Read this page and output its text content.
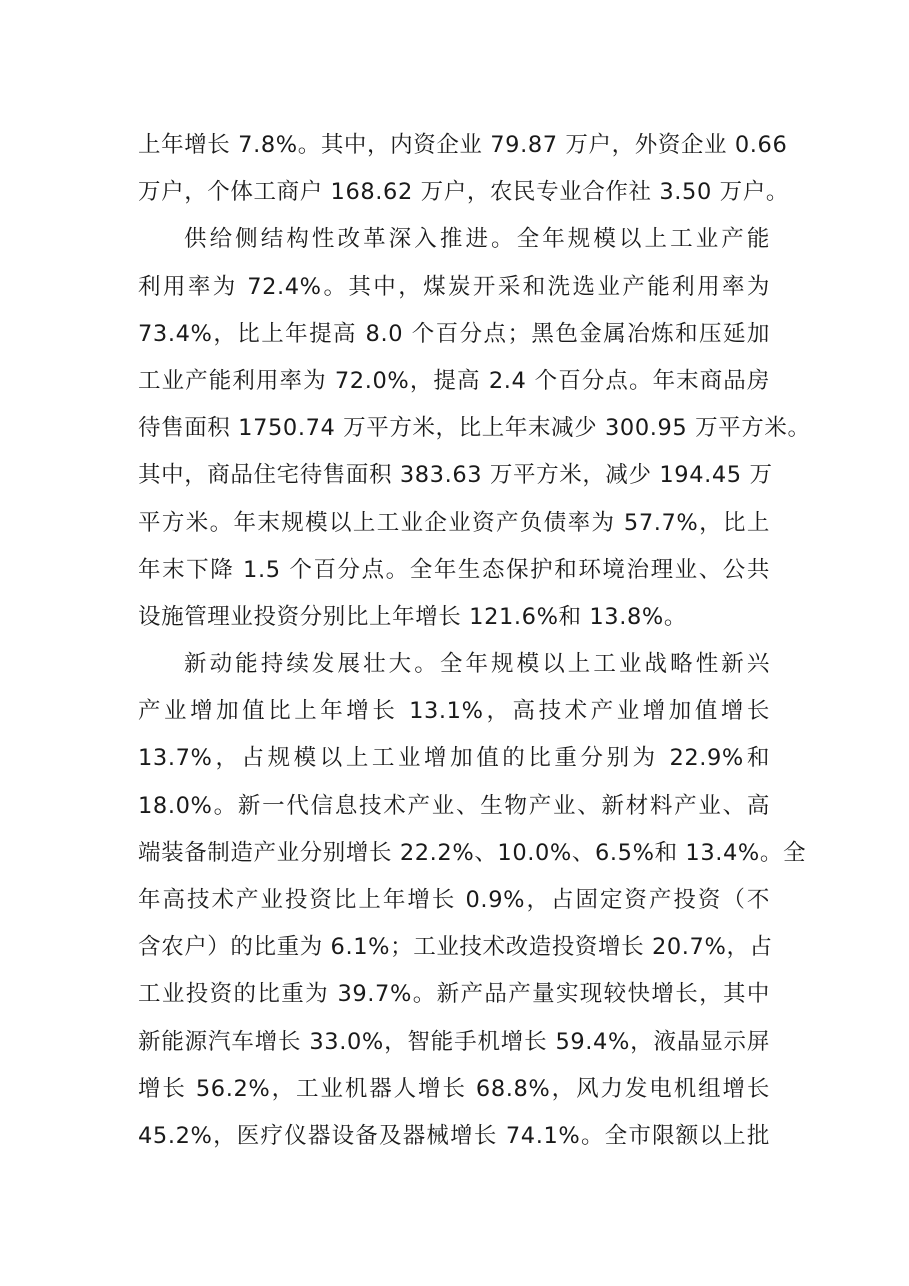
上年增长 7.8%。其中，内资企业 79.87 万户，外资企业 0.66
万户，个体工商户 168.62 万户，农民专业合作社 3.50 万户。
供给侧结构性改革深入推进。全年规模以上工业产能
利用率为 72.4%。其中，煤炭开采和洗选业产能利用率为
73.4%，比上年提高 8.0 个百分点；黑色金属冶炼和压延加
工业产能利用率为 72.0%，提高 2.4 个百分点。年末商品房
待售面积 1750.74 万平方米，比上年末减少 300.95 万平方米。
其中，商品住宅待售面积 383.63 万平方米，减少 194.45 万
平方米。年末规模以上工业企业资产负债率为 57.7%，比上
年末下降 1.5 个百分点。全年生态保护和环境治理业、公共
设施管理业投资分别比上年增长 121.6%和 13.8%。
新动能持续发展壮大。全年规模以上工业战略性新兴
产业增加值比上年增长 13.1%，高技术产业增加值增长
13.7%，占规模以上工业增加值的比重分别为 22.9%和
18.0%。新一代信息技术产业、生物产业、新材料产业、高
端装备制造产业分别增长 22.2%、10.0%、6.5%和 13.4%。全
年高技术产业投资比上年增长 0.9%，占固定资产投资（不
含农户）的比重为 6.1%；工业技术改造投资增长 20.7%，占
工业投资的比重为 39.7%。新产品产量实现较快增长，其中
新能源汽车增长 33.0%，智能手机增长 59.4%，液晶显示屏
增长 56.2%，工业机器人增长 68.8%，风力发电机组增长
45.2%，医疗仪器设备及器械增长 74.1%。全市限额以上批
